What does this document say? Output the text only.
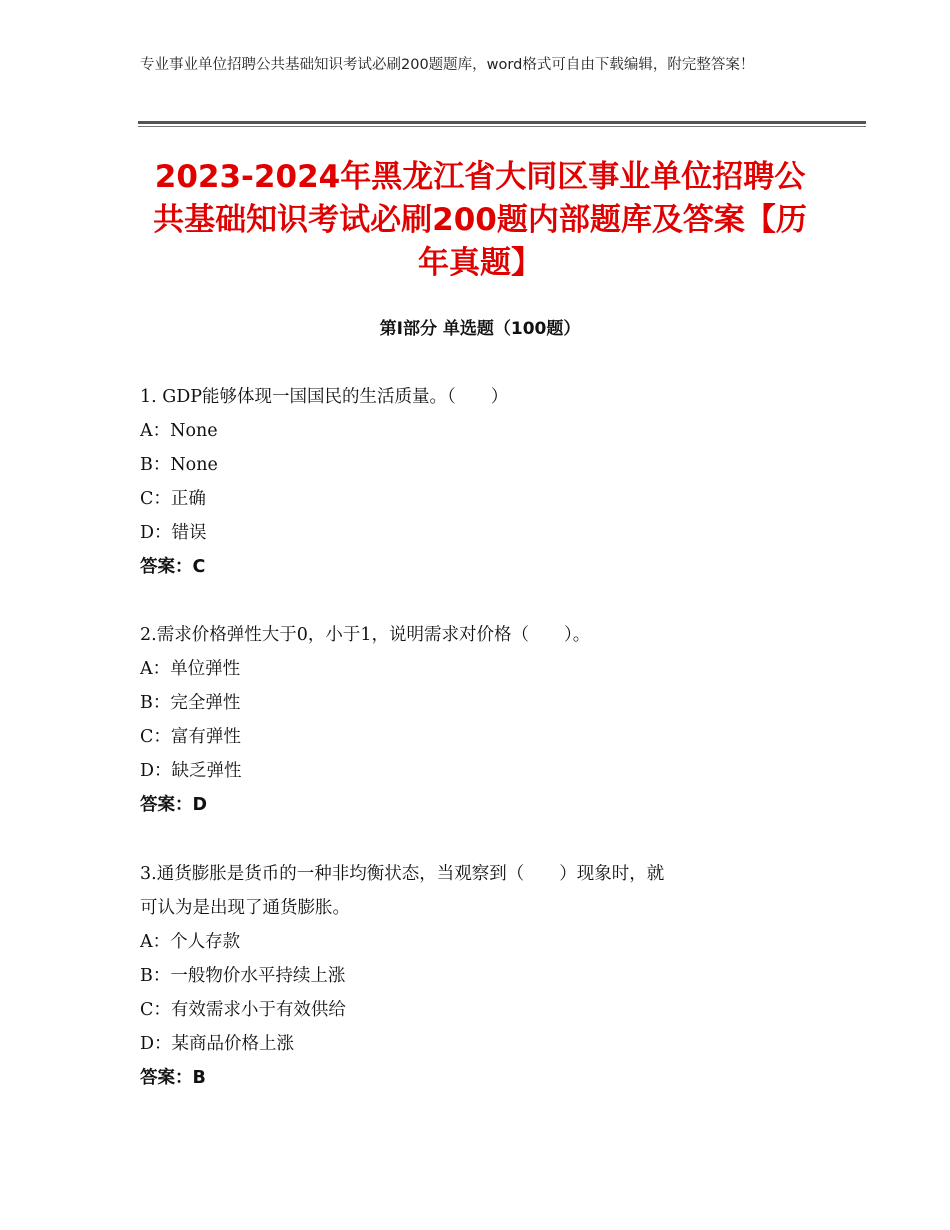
专业事业单位招聘公共基础知识考试必刷200题题库，word格式可自由下载编辑，附完整答案！
2023-2024年黑龙江省大同区事业单位招聘公共基础知识考试必刷200题内部题库及答案【历年真题】
第Ⅰ部分 单选题（100题）
1. GDP能够体现一国国民的生活质量。（　　）
A：None
B：None
C：正确
D：错误
答案：C
2.需求价格弹性大于0，小于1，说明需求对价格（　　）。
A：单位弹性
B：完全弹性
C：富有弹性
D：缺乏弹性
答案：D
3.通货膨胀是货币的一种非均衡状态，当观察到（　　）现象时，就
可认为是出现了通货膨胀。
A：个人存款
B：一般物价水平持续上涨
C：有效需求小于有效供给
D：某商品价格上涨
答案：B
